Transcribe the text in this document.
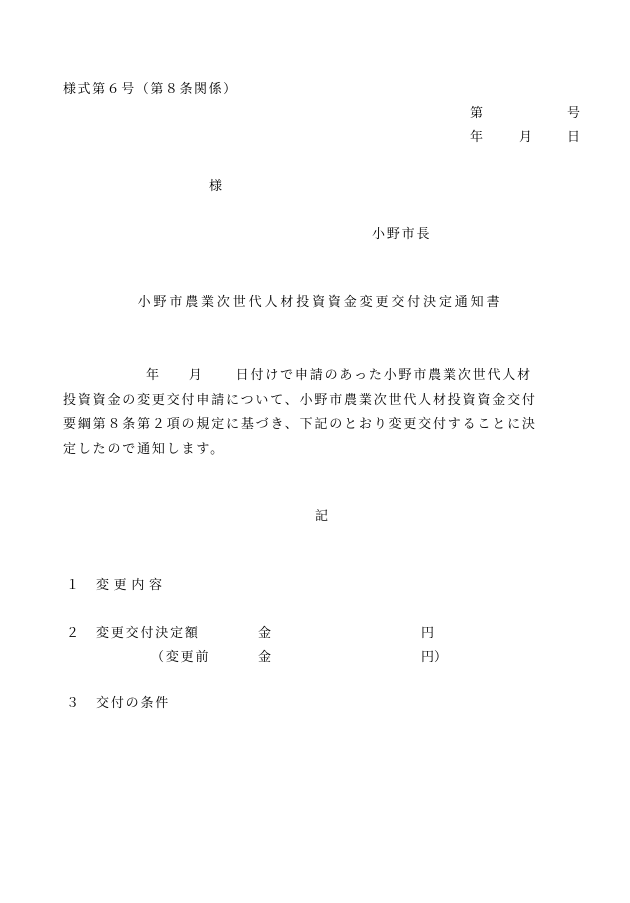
様式第６号（第８条関係）
第	号
年	月	日
様
小野市長
小野市農業次世代人材投資資金変更交付決定通知書
年 月 日付けで申請のあった小野市農業次世代人材
投資資金の変更交付申請について、小野市農業次世代人材投資資金交付
要綱第８条第２項の規定に基づき、下記のとおり変更交付することに決
定したので通知します。
記
１ 変更内容
２ 変更交付決定額	金	円
（変更前	金	円）
３ 交付の条件
